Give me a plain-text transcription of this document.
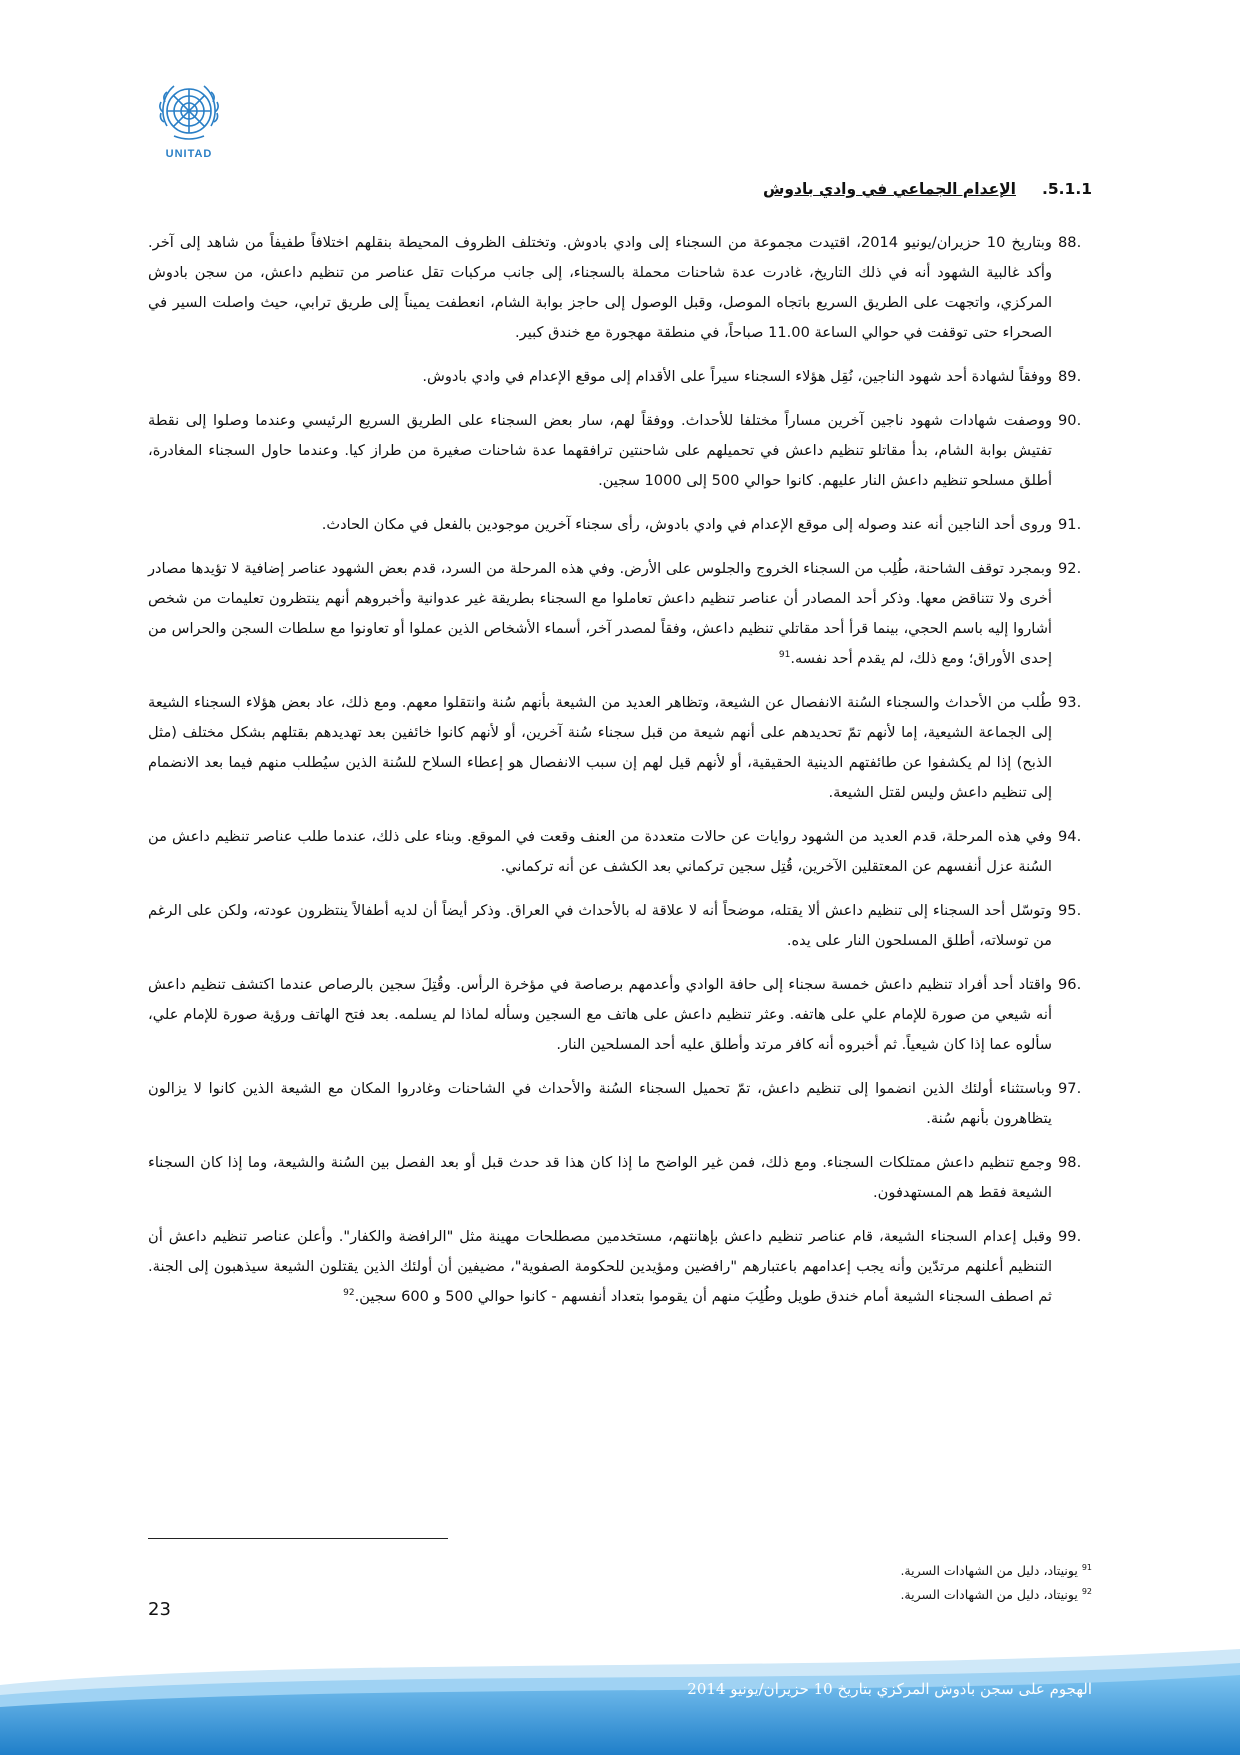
UNITAD
5.1.1.الإعدام الجماعي في وادي بادوش
88.
وبتاريخ 10 حزيران/يونيو 2014، اقتيدت مجموعة من السجناء إلى وادي بادوش. وتختلف الظروف المحيطة بنقلهم اختلافاً طفيفاً من شاهد إلى آخر. وأكد غالبية الشهود أنه في ذلك التاريخ، غادرت عدة شاحنات محملة بالسجناء، إلى جانب مركبات تقل عناصر من تنظيم داعش، من سجن بادوش المركزي، واتجهت على الطريق السريع باتجاه الموصل، وقبل الوصول إلى حاجز بوابة الشام، انعطفت يميناً إلى طريق ترابي، حيث واصلت السير في الصحراء حتى توقفت في حوالي الساعة 11.00 صباحاً، في منطقة مهجورة مع خندق كبير.
89.
ووفقاً لشهادة أحد شهود الناجين، نُقِل هؤلاء السجناء سيراً على الأقدام إلى موقع الإعدام في وادي بادوش.
90.
ووصفت شهادات شهود ناجين آخرين مساراً مختلفا للأحداث. ووفقاً لهم، سار بعض السجناء على الطريق السريع الرئيسي وعندما وصلوا إلى نقطة تفتيش بوابة الشام، بدأ مقاتلو تنظيم داعش في تحميلهم على شاحنتين ترافقهما عدة شاحنات صغيرة من طراز كيا. وعندما حاول السجناء المغادرة، أطلق مسلحو تنظيم داعش النار عليهم. كانوا حوالي 500 إلى 1000 سجين.
91.
وروى أحد الناجين أنه عند وصوله إلى موقع الإعدام في وادي بادوش، رأى سجناء آخرين موجودين بالفعل في مكان الحادث.
92.
وبمجرد توقف الشاحنة، طُلِب من السجناء الخروج والجلوس على الأرض. وفي هذه المرحلة من السرد، قدم بعض الشهود عناصر إضافية لا تؤيدها مصادر أخرى ولا تتناقض معها. وذكر أحد المصادر أن عناصر تنظيم داعش تعاملوا مع السجناء بطريقة غير عدوانية وأخبروهم أنهم ينتظرون تعليمات من شخص أشاروا إليه باسم الحجي، بينما قرأ أحد مقاتلي تنظيم داعش، وفقاً لمصدر آخر، أسماء الأشخاص الذين عملوا أو تعاونوا مع سلطات السجن والحراس من إحدى الأوراق؛ ومع ذلك، لم يقدم أحد نفسه.$^{91}$
93.
طُلب من الأحداث والسجناء السُنة الانفصال عن الشيعة، وتظاهر العديد من الشيعة بأنهم سُنة وانتقلوا معهم. ومع ذلك، عاد بعض هؤلاء السجناء الشيعة إلى الجماعة الشيعية، إما لأنهم تمّ تحديدهم على أنهم شيعة من قبل سجناء سُنة آخرين، أو لأنهم كانوا خائفين بعد تهديدهم بقتلهم بشكل مختلف (مثل الذبح) إذا لم يكشفوا عن طائفتهم الدينية الحقيقية، أو لأنهم قيل لهم إن سبب الانفصال هو إعطاء السلاح للسُنة الذين سيُطلب منهم فيما بعد الانضمام إلى تنظيم داعش وليس لقتل الشيعة.
94.
وفي هذه المرحلة، قدم العديد من الشهود روايات عن حالات متعددة من العنف وقعت في الموقع. وبناء على ذلك، عندما طلب عناصر تنظيم داعش من السُنة عزل أنفسهم عن المعتقلين الآخرين، قُتِل سجين تركماني بعد الكشف عن أنه تركماني.
95.
وتوسّل أحد السجناء إلى تنظيم داعش ألا يقتله، موضحاً أنه لا علاقة له بالأحداث في العراق. وذكر أيضاً أن لديه أطفالاً ينتظرون عودته، ولكن على الرغم من توسلاته، أطلق المسلحون النار على يده.
96.
واقتاد أحد أفراد تنظيم داعش خمسة سجناء إلى حافة الوادي وأعدمهم برصاصة في مؤخرة الرأس. وقُتِلَ سجين بالرصاص عندما اكتشف تنظيم داعش أنه شيعي من صورة للإمام علي على هاتفه. وعثر تنظيم داعش على هاتف مع السجين وسأله لماذا لم يسلمه. بعد فتح الهاتف ورؤية صورة للإمام علي، سألوه عما إذا كان شيعياً. ثم أخبروه أنه كافر مرتد وأطلق عليه أحد المسلحين النار.
97.
وباستثناء أولئك الذين انضموا إلى تنظيم داعش، تمّ تحميل السجناء السُنة والأحداث في الشاحنات وغادروا المكان مع الشيعة الذين كانوا لا يزالون يتظاهرون بأنهم سُنة.
98.
وجمع تنظيم داعش ممتلكات السجناء. ومع ذلك، فمن غير الواضح ما إذا كان هذا قد حدث قبل أو بعد الفصل بين السُنة والشيعة، وما إذا كان السجناء الشيعة فقط هم المستهدفون.
99.
وقبل إعدام السجناء الشيعة، قام عناصر تنظيم داعش بإهانتهم، مستخدمين مصطلحات مهينة مثل "الرافضة والكفار". وأعلن عناصر تنظيم داعش أن التنظيم أعلنهم مرتدّين وأنه يجب إعدامهم باعتبارهم "رافضين ومؤيدين للحكومة الصفوية"، مضيفين أن أولئك الذين يقتلون الشيعة سيذهبون إلى الجنة. ثم اصطف السجناء الشيعة أمام خندق طويل وطُلِبَ منهم أن يقوموا بتعداد أنفسهم - كانوا حوالي 500 و 600 سجين.$^{92}$
$^{91}$ يونيتاد، دليل من الشهادات السرية.
$^{92}$ يونيتاد، دليل من الشهادات السرية.
23
الهجوم على سجن بادوش المركزي بتاريخ 10 حزيران/يونيو 2014
